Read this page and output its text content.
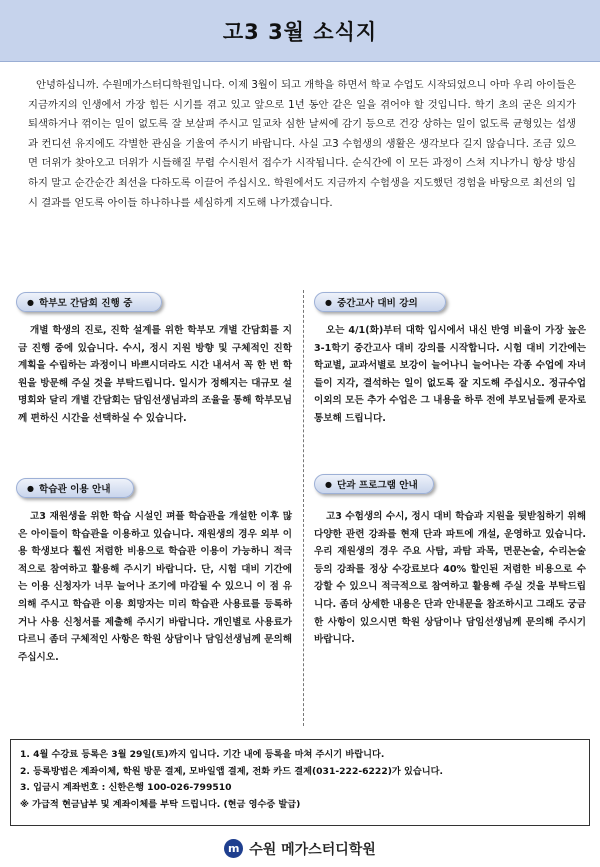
고3 3월 소식지

안녕하십니까. 수원메가스터디학원입니다. 이제 3월이 되고 개학을 하면서 학교 수업도 시작되었으니 아마 우리 아이들은 지금까지의 인생에서 가장 힘든 시기를 겪고 있고 앞으로 1년 동안 같은 일을 겪어야 할 것입니다. 학기 초의 굳은 의지가 퇴색하거나 꺾이는 일이 없도록 잘 보살펴 주시고 일교차 심한 날씨에 감기 등으로 건강 상하는 일이 없도록 균형있는 섭생과 컨디션 유지에도 각별한 관심을 기울여 주시기 바랍니다. 사실 고3 수험생의 생활은 생각보다 길지 않습니다. 조금 있으면 더위가 찾아오고 더위가 시들해질 무렵 수시원서 접수가 시작됩니다. 순식간에 이 모든 과정이 스쳐 지나가니 항상 방심하지 말고 순간순간 최선을 다하도록 이끌어 주십시오. 학원에서도 지금까지 수험생을 지도했던 경험을 바탕으로 최선의 입시 결과를 얻도록 아이들 하나하나를 세심하게 지도해 나가겠습니다.

● 학부모 간담회 진행 중

개별 학생의 진로, 진학 설계를 위한 학부모 개별 간담회를 지금 진행 중에 있습니다. 수시, 정시 지원 방향 및 구체적인 진학 계획을 수립하는 과정이니 바쁘시더라도 시간 내셔서 꼭 한 번 학원을 방문해 주실 것을 부탁드립니다. 일시가 정해지는 대규모 설명회와 달리 개별 간담회는 담임선생님과의 조율을 통해 학부모님께 편하신 시간을 선택하실 수 있습니다.

● 학습관 이용 안내

고3 재원생을 위한 학습 시설인 펴플 학습관을 개설한 이후 많은 아이들이 학습관을 이용하고 있습니다. 재원생의 경우 외부 이용 학생보다 훨씬 저렴한 비용으로 학습관 이용이 가능하니 적극적으로 참여하고 활용해 주시기 바랍니다. 단, 시험 대비 기간에는 이용 신청자가 너무 늘어나 조기에 마감될 수 있으니 이 점 유의해 주시고 학습관 이용 희망자는 미리 학습관 사용료를 등록하거나 사용 신청서를 제출해 주시기 바랍니다. 개인별로 사용료가 다르니 좀더 구체적인 사항은 학원 상담이나 담임선생님께 문의해 주십시오.

● 중간고사 대비 강의

오는 4/1(화)부터 대학 입시에서 내신 반영 비율이 가장 높은 3-1학기 중간고사 대비 강의를 시작합니다. 시험 대비 기간에는 학교별, 교과서별로 보강이 늘어나니 늘어나는 각종 수업에 자녀들이 지각, 결석하는 일이 없도록 잘 지도해 주십시오. 정규수업 이외의 모든 추가 수업은 그 내용을 하루 전에 부모님들께 문자로 통보해 드립니다.

● 단과 프로그램 안내

고3 수험생의 수시, 정시 대비 학습과 지원을 뒷받침하기 위해 다양한 관련 강좌를 현재 단과 파트에 개설, 운영하고 있습니다. 우리 재원생의 경우 주요 사탐, 과탐 과목, 면문논술, 수리논술 등의 강좌를 정상 수강료보다 40% 할인된 저렴한 비용으로 수강할 수 있으니 적극적으로 참여하고 활용해 주실 것을 부탁드립니다. 좀더 상세한 내용은 단과 안내문을 참조하시고 그래도 궁금한 사항이 있으시면 학원 상담이나 담임선생님께 문의해 주시기 바랍니다.

1. 4월 수강료 등록은 3월 29일(토)까지 입니다. 기간 내에 등록을 마쳐 주시기 바랍니다.
2. 등록방법은 계좌이체, 학원 방문 결제, 모바일앱 결제, 전화 카드 결제(031-222-6222)가 있습니다.
3. 입금시 계좌번호 : 신한은행 100-026-799510
※ 가급적 현금납부 및 계좌이체를 부탁 드립니다. (현금 영수증 발급)
m 수원 메가스터디학원
